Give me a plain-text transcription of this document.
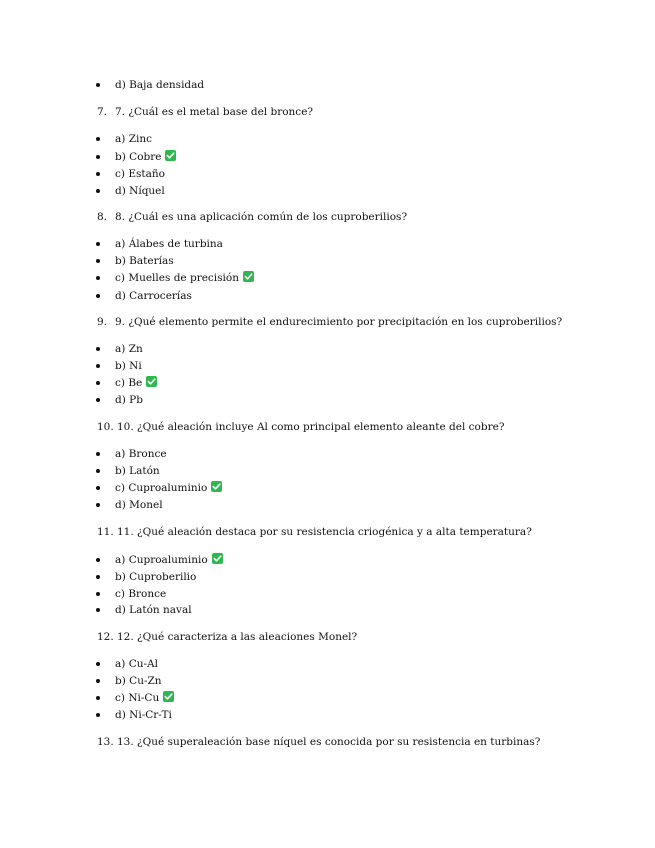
d) Baja densidad
7. 7. ¿Cuál es el metal base del bronce?
a) Zinc
b) Cobre
c) Estaño
d) Níquel
8. 8. ¿Cuál es una aplicación común de los cuproberilios?
a) Álabes de turbina
b) Baterías
c) Muelles de precisión
d) Carrocerías
9. 9. ¿Qué elemento permite el endurecimiento por precipitación en los cuproberilios?
a) Zn
b) Ni
c) Be
d) Pb
10. 10. ¿Qué aleación incluye Al como principal elemento aleante del cobre?
a) Bronce
b) Latón
c) Cuproaluminio
d) Monel
11. 11. ¿Qué aleación destaca por su resistencia criogénica y a alta temperatura?
a) Cuproaluminio
b) Cuproberilio
c) Bronce
d) Latón naval
12. 12. ¿Qué caracteriza a las aleaciones Monel?
a) Cu-Al
b) Cu-Zn
c) Ni-Cu
d) Ni-Cr-Ti
13. 13. ¿Qué superaleación base níquel es conocida por su resistencia en turbinas?
